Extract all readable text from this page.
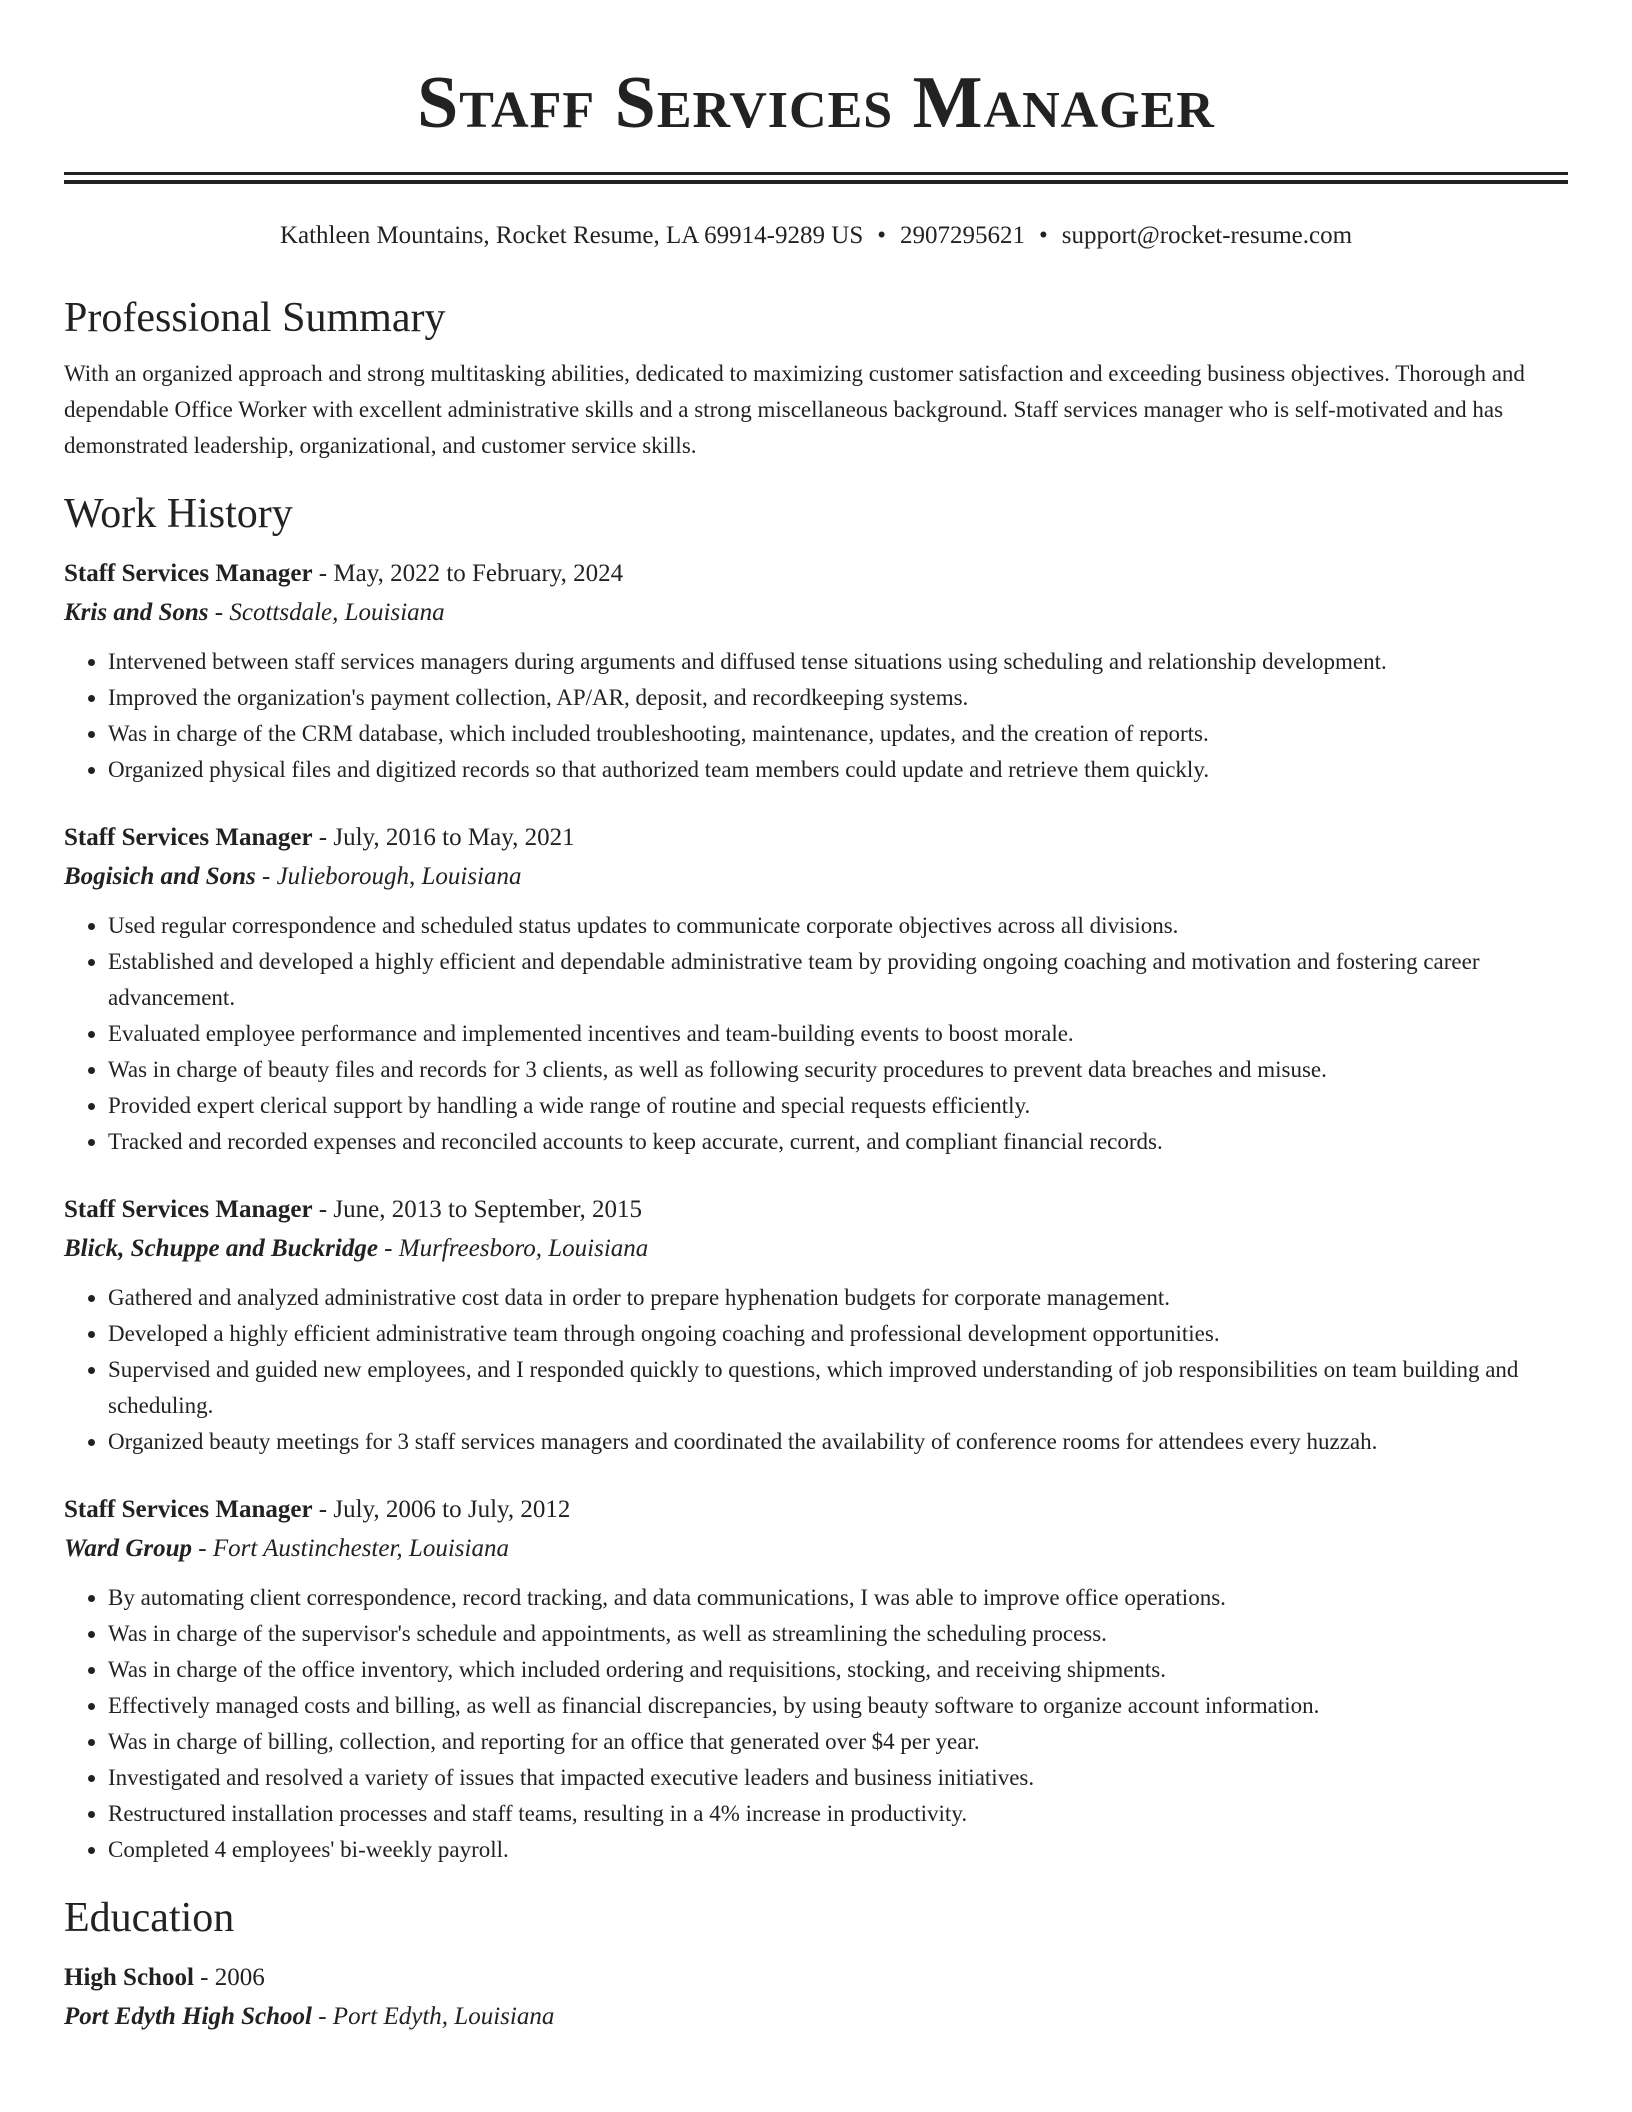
Staff Services Manager
Kathleen Mountains, Rocket Resume, LA 69914-9289 US • 2907295621 • support@rocket-resume.com
Professional Summary

With an organized approach and strong multitasking abilities, dedicated to maximizing customer satisfaction and exceeding business objectives. Thorough and dependable Office Worker with excellent administrative skills and a strong miscellaneous background. Staff services manager who is self-motivated and has demonstrated leadership, organizational, and customer service skills.

Work History
Staff Services Manager - May, 2022 to February, 2024
Kris and Sons - Scottsdale, Louisiana
• Intervened between staff services managers during arguments and diffused tense situations using scheduling and relationship development.
• Improved the organization's payment collection, AP/AR, deposit, and recordkeeping systems.
• Was in charge of the CRM database, which included troubleshooting, maintenance, updates, and the creation of reports.
• Organized physical files and digitized records so that authorized team members could update and retrieve them quickly.
Staff Services Manager - July, 2016 to May, 2021
Bogisich and Sons - Julieborough, Louisiana
• Used regular correspondence and scheduled status updates to communicate corporate objectives across all divisions.
• Established and developed a highly efficient and dependable administrative team by providing ongoing coaching and motivation and fostering career advancement.
• Evaluated employee performance and implemented incentives and team-building events to boost morale.
• Was in charge of beauty files and records for 3 clients, as well as following security procedures to prevent data breaches and misuse.
• Provided expert clerical support by handling a wide range of routine and special requests efficiently.
• Tracked and recorded expenses and reconciled accounts to keep accurate, current, and compliant financial records.
Staff Services Manager - June, 2013 to September, 2015
Blick, Schuppe and Buckridge - Murfreesboro, Louisiana
• Gathered and analyzed administrative cost data in order to prepare hyphenation budgets for corporate management.
• Developed a highly efficient administrative team through ongoing coaching and professional development opportunities.
• Supervised and guided new employees, and I responded quickly to questions, which improved understanding of job responsibilities on team building and scheduling.
• Organized beauty meetings for 3 staff services managers and coordinated the availability of conference rooms for attendees every huzzah.
Staff Services Manager - July, 2006 to July, 2012
Ward Group - Fort Austinchester, Louisiana
• By automating client correspondence, record tracking, and data communications, I was able to improve office operations.
• Was in charge of the supervisor's schedule and appointments, as well as streamlining the scheduling process.
• Was in charge of the office inventory, which included ordering and requisitions, stocking, and receiving shipments.
• Effectively managed costs and billing, as well as financial discrepancies, by using beauty software to organize account information.
• Was in charge of billing, collection, and reporting for an office that generated over $4 per year.
• Investigated and resolved a variety of issues that impacted executive leaders and business initiatives.
• Restructured installation processes and staff teams, resulting in a 4% increase in productivity.
• Completed 4 employees' bi-weekly payroll.
Education
High School - 2006
Port Edyth High School - Port Edyth, Louisiana
